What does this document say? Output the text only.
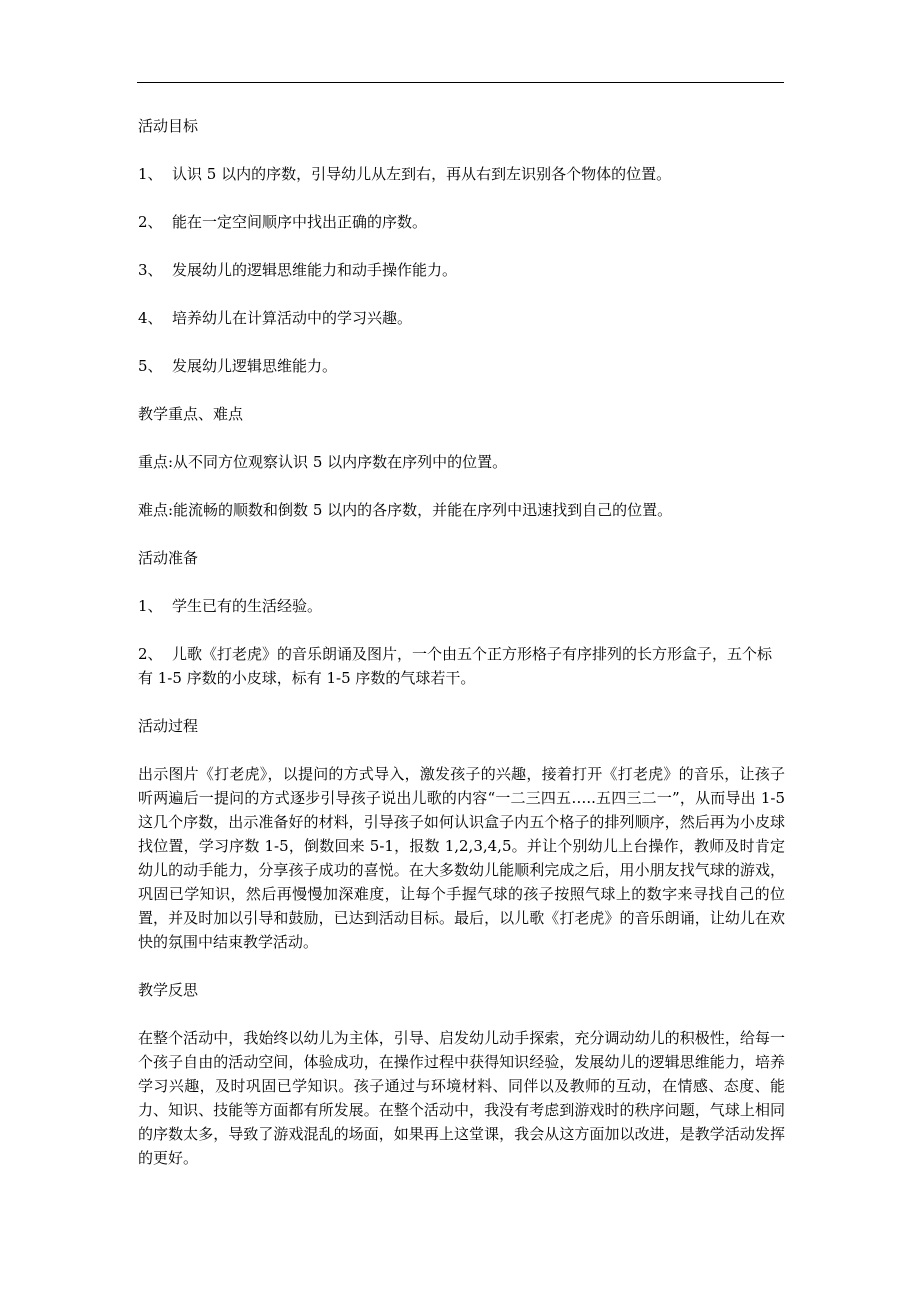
活动目标

1、 认识 5 以内的序数，引导幼儿从左到右，再从右到左识别各个物体的位置。
2、 能在一定空间顺序中找出正确的序数。
3、 发展幼儿的逻辑思维能力和动手操作能力。
4、 培养幼儿在计算活动中的学习兴趣。
5、 发展幼儿逻辑思维能力。

教学重点、难点

重点:从不同方位观察认识 5 以内序数在序列中的位置。

难点:能流畅的顺数和倒数 5 以内的各序数，并能在序列中迅速找到自己的位置。

活动准备

1、 学生已有的生活经验。
2、 儿歌《打老虎》的音乐朗诵及图片，一个由五个正方形格子有序排列的长方形盒子，五个标有 1-5 序数的小皮球，标有 1-5 序数的气球若干。

活动过程

出示图片《打老虎》，以提问的方式导入，激发孩子的兴趣，接着打开《打老虎》的音乐，让孩子听两遍后一提问的方式逐步引导孩子说出儿歌的内容“一二三四五…..五四三二一”，从而导出 1-5 这几个序数，出示准备好的材料，引导孩子如何认识盒子内五个格子的排列顺序，然后再为小皮球找位置，学习序数 1-5，倒数回来 5-1，报数 1,2,3,4,5。并让个别幼儿上台操作，教师及时肯定幼儿的动手能力，分享孩子成功的喜悦。在大多数幼儿能顺利完成之后，用小朋友找气球的游戏，巩固已学知识，然后再慢慢加深难度，让每个手握气球的孩子按照气球上的数字来寻找自己的位置，并及时加以引导和鼓励，已达到活动目标。最后，以儿歌《打老虎》的音乐朗诵，让幼儿在欢快的氛围中结束教学活动。

教学反思

在整个活动中，我始终以幼儿为主体，引导、启发幼儿动手探索，充分调动幼儿的积极性，给每一个孩子自由的活动空间，体验成功，在操作过程中获得知识经验，发展幼儿的逻辑思维能力，培养学习兴趣，及时巩固已学知识。孩子通过与环境材料、同伴以及教师的互动，在情感、态度、能力、知识、技能等方面都有所发展。在整个活动中，我没有考虑到游戏时的秩序问题，气球上相同的序数太多，导致了游戏混乱的场面，如果再上这堂课，我会从这方面加以改进，是教学活动发挥的更好。
